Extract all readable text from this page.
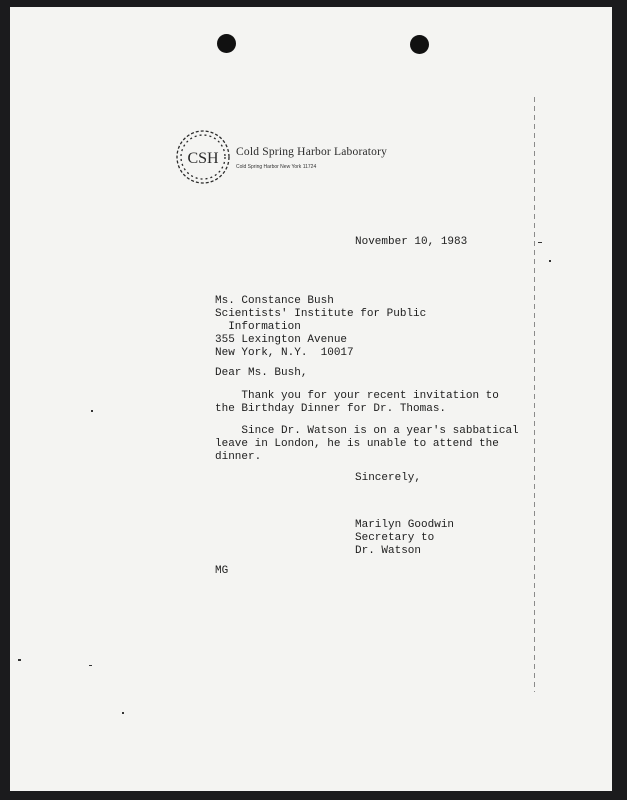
CSH Cold Spring Harbor Laboratory

Cold Spring Harbor New York 11724

November 10, 1983

Ms. Constance Bush

Scientists' Institute for Public

Information

355 Lexington Avenue

New York, N.Y.  10017

Dear Ms. Bush,

Thank you for your recent invitation to

the Birthday Dinner for Dr. Thomas.

Since Dr. Watson is on a year's sabbatical

leave in London, he is unable to attend the

dinner.

Sincerely,

Marilyn Goodwin

Secretary to

Dr. Watson

MG
